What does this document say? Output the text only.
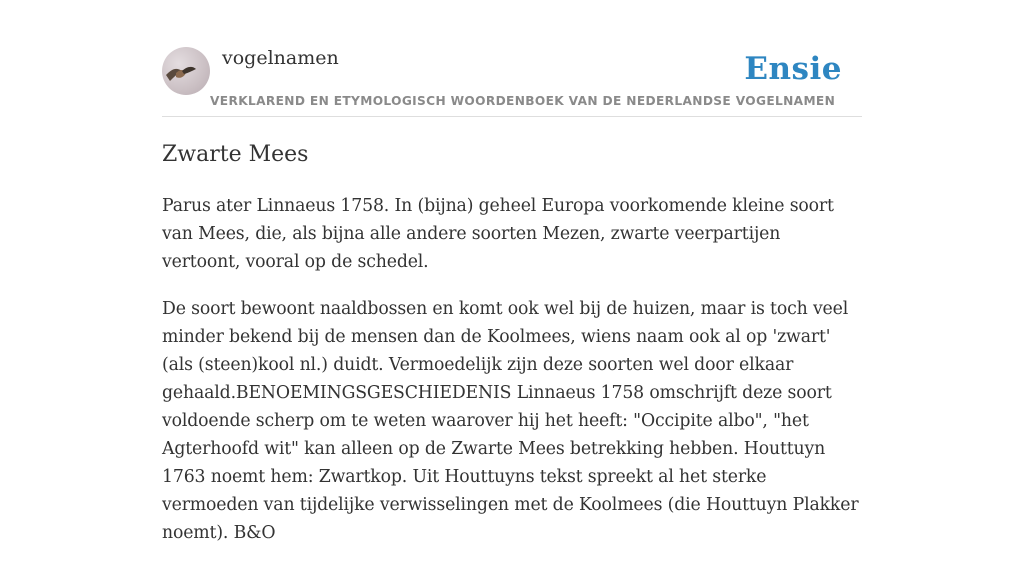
vogelnamen	Ensie
VERKLAREND EN ETYMOLOGISCH WOORDENBOEK VAN DE NEDERLANDSE VOGELNAMEN
Zwarte Mees

Parus ater Linnaeus 1758. In (bijna) geheel Europa voorkomende kleine soort van Mees, die, als bijna alle andere soorten Mezen, zwarte veerpartijen vertoont, vooral op de schedel.

De soort bewoont naaldbossen en komt ook wel bij de huizen, maar is toch veel minder bekend bij de mensen dan de Koolmees, wiens naam ook al op 'zwart' (als (steen)kool nl.) duidt. Vermoedelijk zijn deze soorten wel door elkaar gehaald.BENOEMINGSGESCHIEDENIS Linnaeus 1758 omschrijft deze soort voldoende scherp om te weten waarover hij het heeft: "Occipite albo", "het Agterhoofd wit" kan alleen op de Zwarte Mees betrekking hebben. Houttuyn 1763 noemt hem: Zwartkop. Uit Houttuyns tekst spreekt al het sterke vermoeden van tijdelijke verwisselingen met de Koolmees (die Houttuyn Plakker noemt). B&O
